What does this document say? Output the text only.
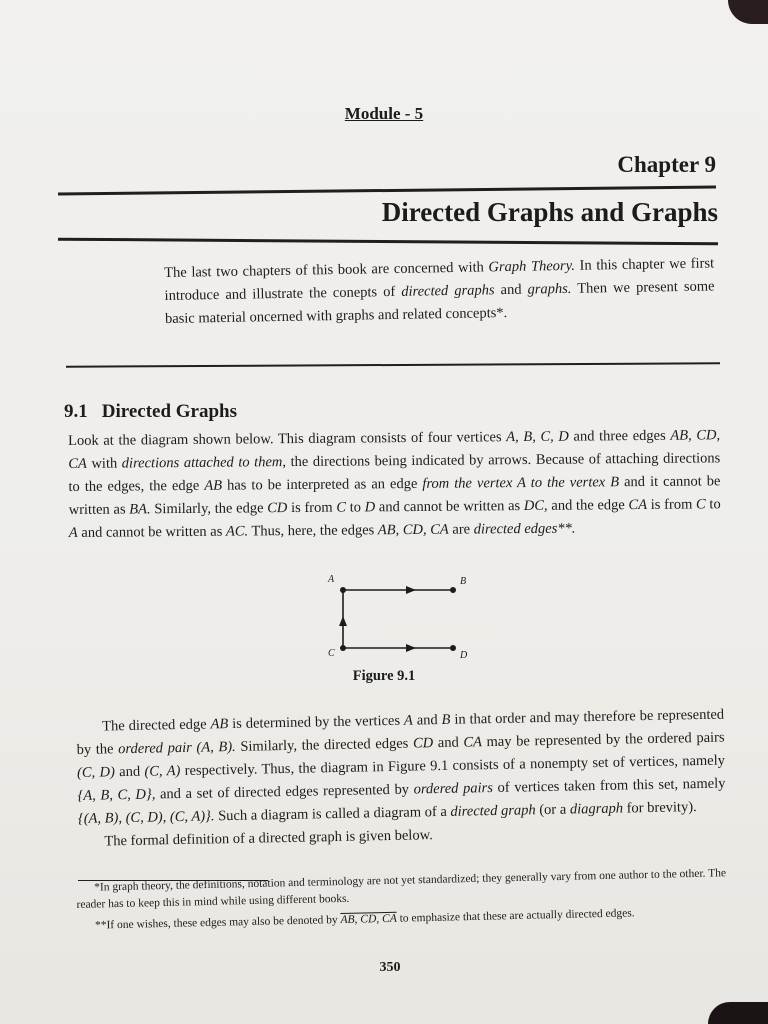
Module - 5
Chapter 9
Directed Graphs and Graphs
The last two chapters of this book are concerned with Graph Theory. In this chapter we first introduce and illustrate the conepts of directed graphs and graphs. Then we present some basic material oncerned with graphs and related concepts*.
9.1 Directed Graphs
Look at the diagram shown below. This diagram consists of four vertices A, B, C, D and three edges AB, CD, CA with directions attached to them, the directions being indicated by arrows. Because of attaching directions to the edges, the edge AB has to be interpreted as an edge from the vertex A to the vertex B and it cannot be written as BA. Similarly, the edge CD is from C to D and cannot be written as DC, and the edge CA is from C to A and cannot be written as AC. Thus, here, the edges AB, CD, CA are directed edges**.
A	B
C	D
Figure 9.1
The directed edge AB is determined by the vertices A and B in that order and may therefore be represented by the ordered pair (A, B). Similarly, the directed edges CD and CA may be represented by the ordered pairs (C, D) and (C, A) respectively. Thus, the diagram in Figure 9.1 consists of a nonempty set of vertices, namely {A, B, C, D}, and a set of directed edges represented by ordered pairs of vertices taken from this set, namely {(A, B), (C, D), (C, A)}. Such a diagram is called a diagram of a directed graph (or a diagraph for brevity).
The formal definition of a directed graph is given below.

*In graph theory, the definitions, notation and terminology are not yet standardized; they generally vary from one author to the other. The reader has to keep this in mind while using different books.

**If one wishes, these edges may also be denoted by AB, CD, CA to emphasize that these are actually directed edges.

350
